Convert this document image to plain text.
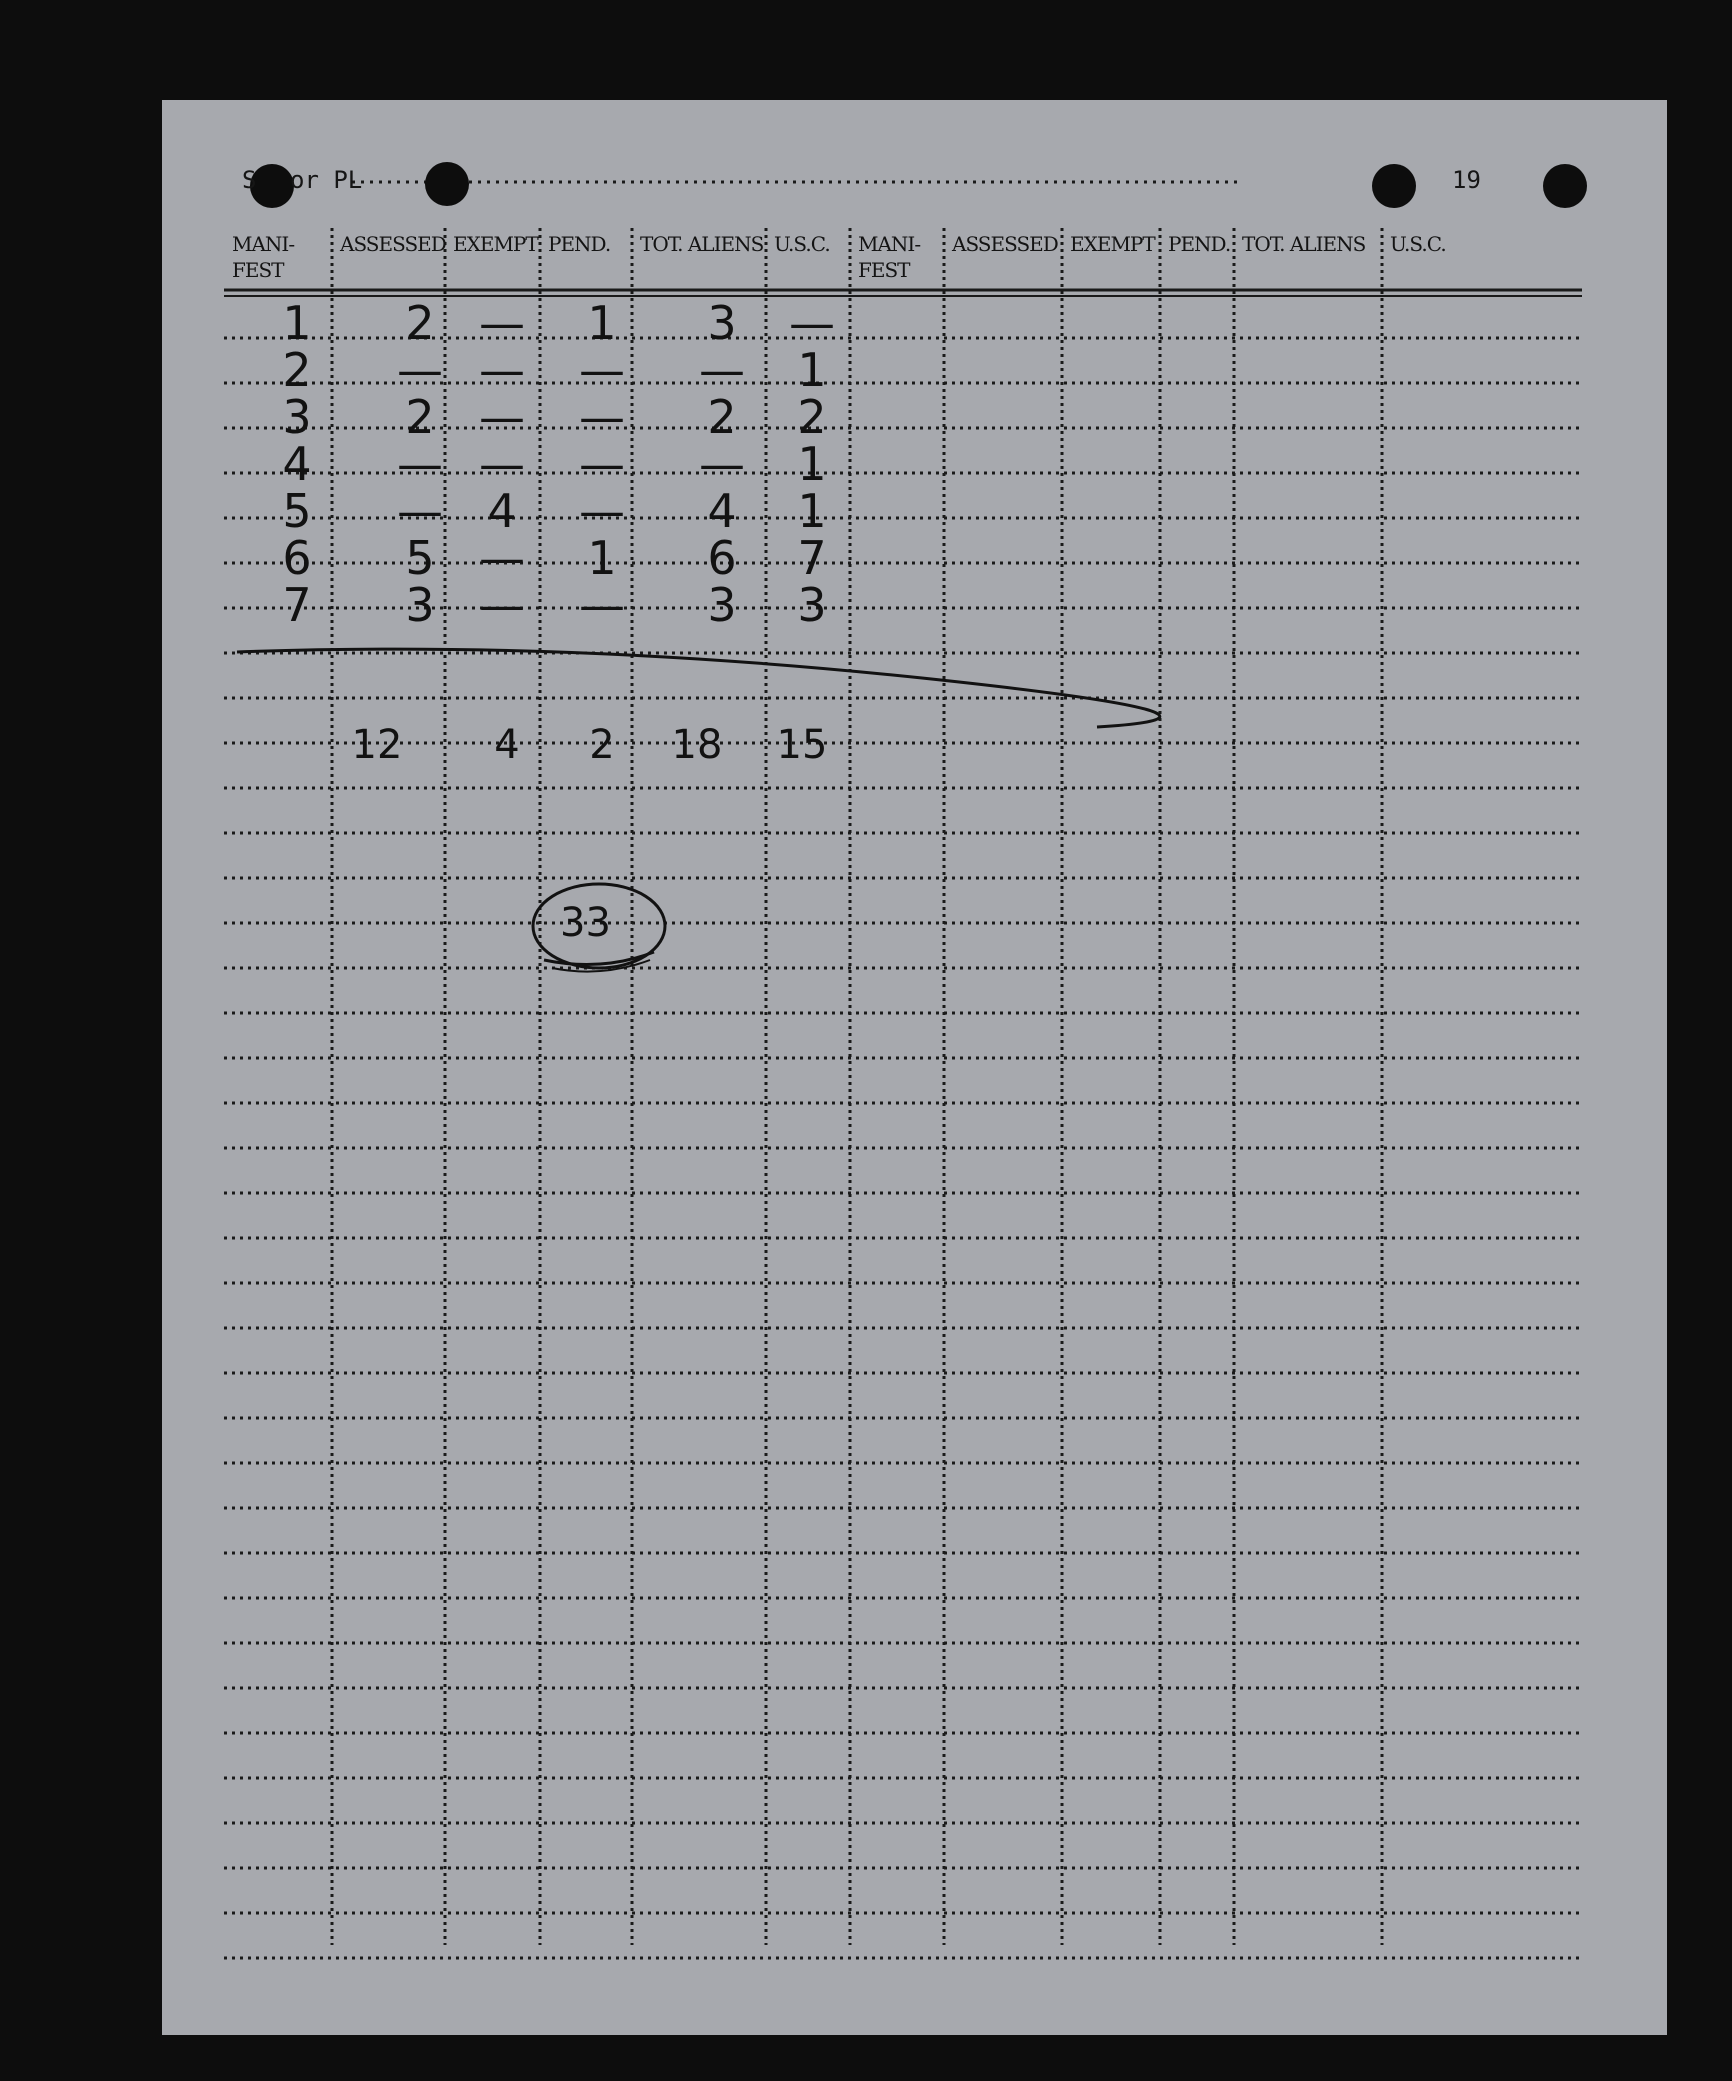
S or PL	19
MANI-
FEST
ASSESSED EXEMPT PEND. TOT. ALIENS U.S.C. MANI-
FEST
ASSESSED EXEMPT PEND. TOT. ALIENS U.S.C.
1 2 — 1 3 —
2 — — — — 1
3 2 — — 2 2
4 — — — — 1
5 — 4 — 4 1
6 5 — 1 6 7
7 3 — — 3 3
12 4 2 18 15
33
